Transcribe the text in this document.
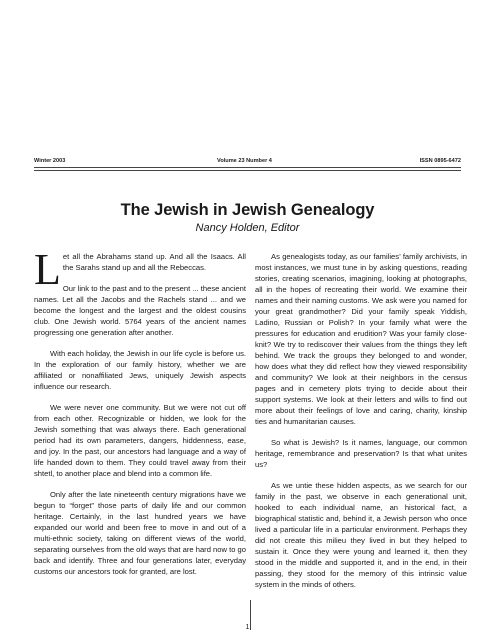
Winter 2003	Volume 23 Number 4	ISSN 0895-6472
The Jewish in Jewish Genealogy
Nancy Holden, Editor

Let all the Abrahams stand up. And all the Isaacs. All the Sarahs stand up and all the Rebeccas.

Our link to the past and to the present ... these ancient names. Let all the Jacobs and the Rachels stand ... and we become the longest and the largest and the oldest cousins club. One Jewish world. 5764 years of the ancient names progressing one generation after another.

With each holiday, the Jewish in our life cycle is before us. In the exploration of our family history, whether we are affiliated or nonaffiliated Jews, uniquely Jewish aspects influence our research.

We were never one community. But we were not cut off from each other. Recognizable or hidden, we look for the Jewish something that was always there. Each generational period had its own parameters, dangers, hiddenness, ease, and joy. In the past, our ancestors had language and a way of life handed down to them. They could travel away from their shtetl, to another place and blend into a common life.

Only after the late nineteenth century migrations have we begun to “forget” those parts of daily life and our common heritage. Certainly, in the last hundred years we have expanded our world and been free to move in and out of a multi-ethnic society, taking on different views of the world, separating ourselves from the old ways that are hard now to go back and identify. Three and four generations later, everyday customs our ancestors took for granted, are lost.

As genealogists today, as our families’ family archivists, in most instances, we must tune in by asking questions, reading stories, creating scenarios, imagining, looking at photographs, all in the hopes of recreating their world. We examine their names and their naming customs. We ask were you named for your great grandmother? Did your family speak Yiddish, Ladino, Russian or Polish? In your family what were the pressures for education and erudition? Was your family close-knit? We try to rediscover their values from the things they left behind. We track the groups they belonged to and wonder, how does what they did reflect how they viewed responsibility and community? We look at their neighbors in the census pages and in cemetery plots trying to decide about their support systems. We look at their letters and wills to find out more about their feelings of love and caring, charity, kinship ties and humanitarian causes.

So what is Jewish? Is it names, language, our common heritage, remembrance and preservation? Is that what unites us?

As we untie these hidden aspects, as we search for our family in the past, we observe in each generational unit, hooked to each individual name, an historical fact, a biographical statistic and, behind it, a Jewish person who once lived a particular life in a particular environment. Perhaps they did not create this milieu they lived in but they helped to sustain it. Once they were young and learned it, then they stood in the middle and supported it, and in the end, in their passing, they stood for the memory of this intrinsic value system in the minds of others.

1
